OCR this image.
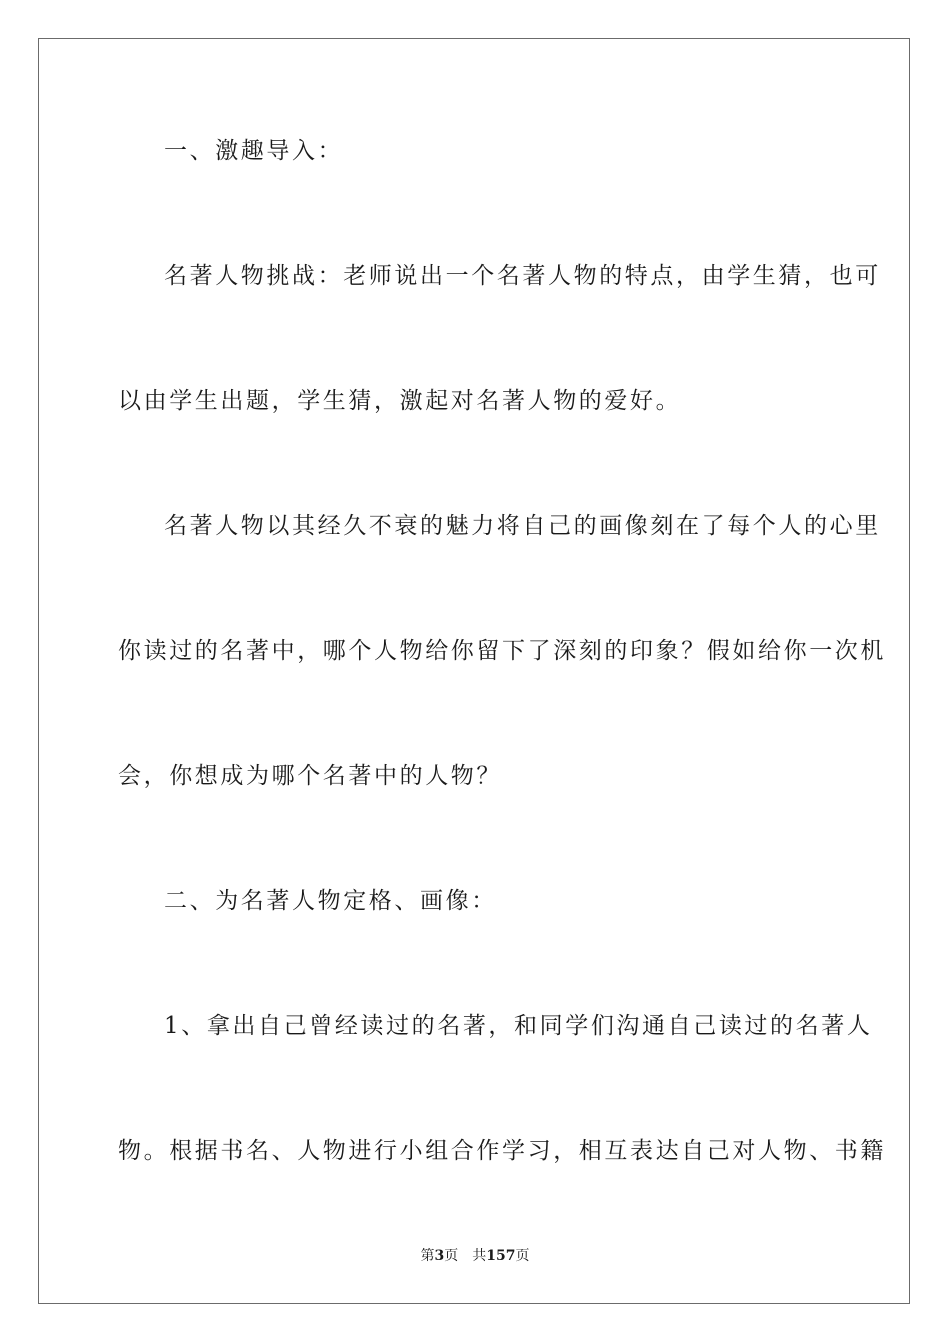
一、激趣导入：
名著人物挑战：老师说出一个名著人物的特点，由学生猜，也可
以由学生出题，学生猜，激起对名著人物的爱好。
名著人物以其经久不衰的魅力将自己的画像刻在了每个人的心里
你读过的名著中，哪个人物给你留下了深刻的印象？假如给你一次机
会，你想成为哪个名著中的人物？
二、为名著人物定格、画像：
1、拿出自己曾经读过的名著，和同学们沟通自己读过的名著人
物。根据书名、人物进行小组合作学习，相互表达自己对人物、书籍
第3页 共157页
